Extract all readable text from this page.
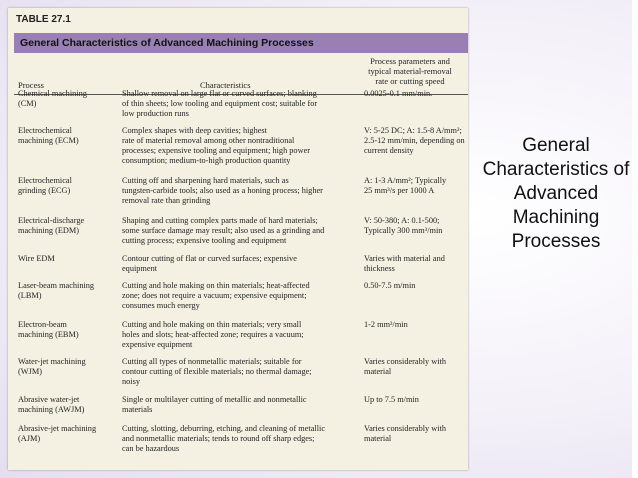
TABLE 27.1
General Characteristics of Advanced Machining Processes
Process	Characteristics
Process parameters and
typical material-removal
rate or cutting speed
Chemical machining
(CM)
Shallow removal on large flat or curved surfaces; blanking
of thin sheets; low tooling and equipment cost; suitable for
low production runs
0.0025-0.1 mm/min.
Electrochemical
machining (ECM)
Complex shapes with deep cavities; highest
rate of material removal among other nontraditional
processes; expensive tooling and equipment; high power
consumption; medium-to-high production quantity
V: 5-25 DC; A: 1.5-8 A/mm²;
2.5-12 mm/min, depending on
current density
Electrochemical
grinding (ECG)
Cutting off and sharpening hard materials, such as
tungsten-carbide tools; also used as a honing process; higher
removal rate than grinding
A: 1-3 A/mm²; Typically
25 mm³/s per 1000 A
Electrical-discharge
machining (EDM)
Shaping and cutting complex parts made of hard materials;
some surface damage may result; also used as a grinding and
cutting process; expensive tooling and equipment
V: 50-380; A: 0.1-500;
Typically 300 mm³/min
Wire EDM	Contour cutting of flat or curved surfaces; expensive
equipment
Varies with material and
thickness
Laser-beam machining
(LBM)
Cutting and hole making on thin materials; heat-affected
zone; does not require a vacuum; expensive equipment;
consumes much energy
0.50-7.5 m/min
Electron-beam
machining (EBM)
Cutting and hole making on thin materials; very small
holes and slots; heat-affected zone; requires a vacuum;
expensive equipment
1-2 mm³/min
Water-jet machining
(WJM)
Cutting all types of nonmetallic materials; suitable for
contour cutting of flexible materials; no thermal damage;
noisy
Varies considerably with
material
Abrasive water-jet
machining (AWJM)
Single or multilayer cutting of metallic and nonmetallic
materials
Up to 7.5 m/min
Abrasive-jet machining
(AJM)
Cutting, slotting, deburring, etching, and cleaning of metallic
and nonmetallic materials; tends to round off sharp edges;
can be hazardous
Varies considerably with
material
General Characteristics of Advanced Machining Processes
